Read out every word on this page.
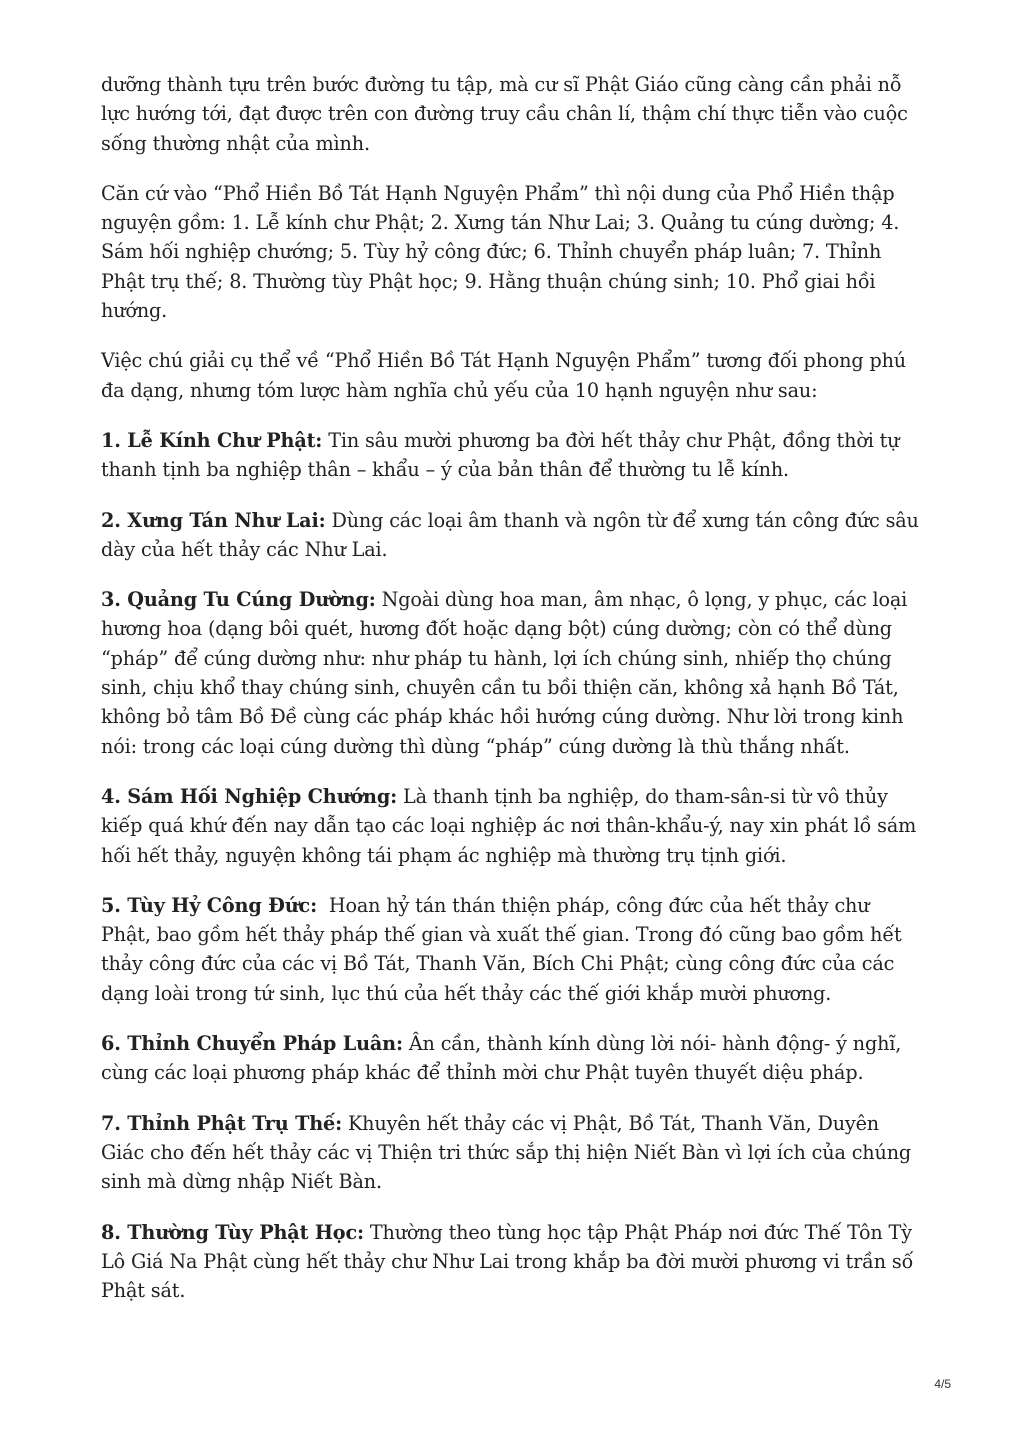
dưỡng thành tựu trên bước đường tu tập, mà cư sĩ Phật Giáo cũng càng cần phải nỗ lực hướng tới, đạt được trên con đường truy cầu chân lí, thậm chí thực tiễn vào cuộc sống thường nhật của mình.

Căn cứ vào “Phổ Hiền Bồ Tát Hạnh Nguyện Phẩm” thì nội dung của Phổ Hiền thập nguyện gồm: 1. Lễ kính chư Phật; 2. Xưng tán Như Lai; 3. Quảng tu cúng dường; 4. Sám hối nghiệp chướng; 5. Tùy hỷ công đức; 6. Thỉnh chuyển pháp luân; 7. Thỉnh Phật trụ thế; 8. Thường tùy Phật học; 9. Hằng thuận chúng sinh; 10. Phổ giai hồi hướng.

Việc chú giải cụ thể về “Phổ Hiền Bồ Tát Hạnh Nguyện Phẩm” tương đối phong phú đa dạng, nhưng tóm lược hàm nghĩa chủ yếu của 10 hạnh nguyện như sau:

1. Lễ Kính Chư Phật: Tin sâu mười phương ba đời hết thảy chư Phật, đồng thời tự thanh tịnh ba nghiệp thân – khẩu – ý của bản thân để thường tu lễ kính.

2. Xưng Tán Như Lai: Dùng các loại âm thanh và ngôn từ để xưng tán công đức sâu dày của hết thảy các Như Lai.

3. Quảng Tu Cúng Dường: Ngoài dùng hoa man, âm nhạc, ô lọng, y phục, các loại hương hoa (dạng bôi quét, hương đốt hoặc dạng bột) cúng dường; còn có thể dùng “pháp” để cúng dường như: như pháp tu hành, lợi ích chúng sinh, nhiếp thọ chúng sinh, chịu khổ thay chúng sinh, chuyên cần tu bồi thiện căn, không xả hạnh Bồ Tát, không bỏ tâm Bồ Đề cùng các pháp khác hồi hướng cúng dường. Như lời trong kinh nói: trong các loại cúng dường thì dùng “pháp” cúng dường là thù thắng nhất.

4. Sám Hối Nghiệp Chướng: Là thanh tịnh ba nghiệp, do tham-sân-si từ vô thủy kiếp quá khứ đến nay dẫn tạo các loại nghiệp ác nơi thân-khẩu-ý, nay xin phát lồ sám hối hết thảy, nguyện không tái phạm ác nghiệp mà thường trụ tịnh giới.

5. Tùy Hỷ Công Đức:  Hoan hỷ tán thán thiện pháp, công đức của hết thảy chư Phật, bao gồm hết thảy pháp thế gian và xuất thế gian. Trong đó cũng bao gồm hết thảy công đức của các vị Bồ Tát, Thanh Văn, Bích Chi Phật; cùng công đức của các dạng loài trong tứ sinh, lục thú của hết thảy các thế giới khắp mười phương.

6. Thỉnh Chuyển Pháp Luân: Ân cần, thành kính dùng lời nói- hành động- ý nghĩ, cùng các loại phương pháp khác để thỉnh mời chư Phật tuyên thuyết diệu pháp.

7. Thỉnh Phật Trụ Thế: Khuyên hết thảy các vị Phật, Bồ Tát, Thanh Văn, Duyên Giác cho đến hết thảy các vị Thiện tri thức sắp thị hiện Niết Bàn vì lợi ích của chúng sinh mà dừng nhập Niết Bàn.

8. Thường Tùy Phật Học: Thường theo tùng học tập Phật Pháp nơi đức Thế Tôn Tỳ Lô Giá Na Phật cùng hết thảy chư Như Lai trong khắp ba đời mười phương vi trần số Phật sát.

4/5
